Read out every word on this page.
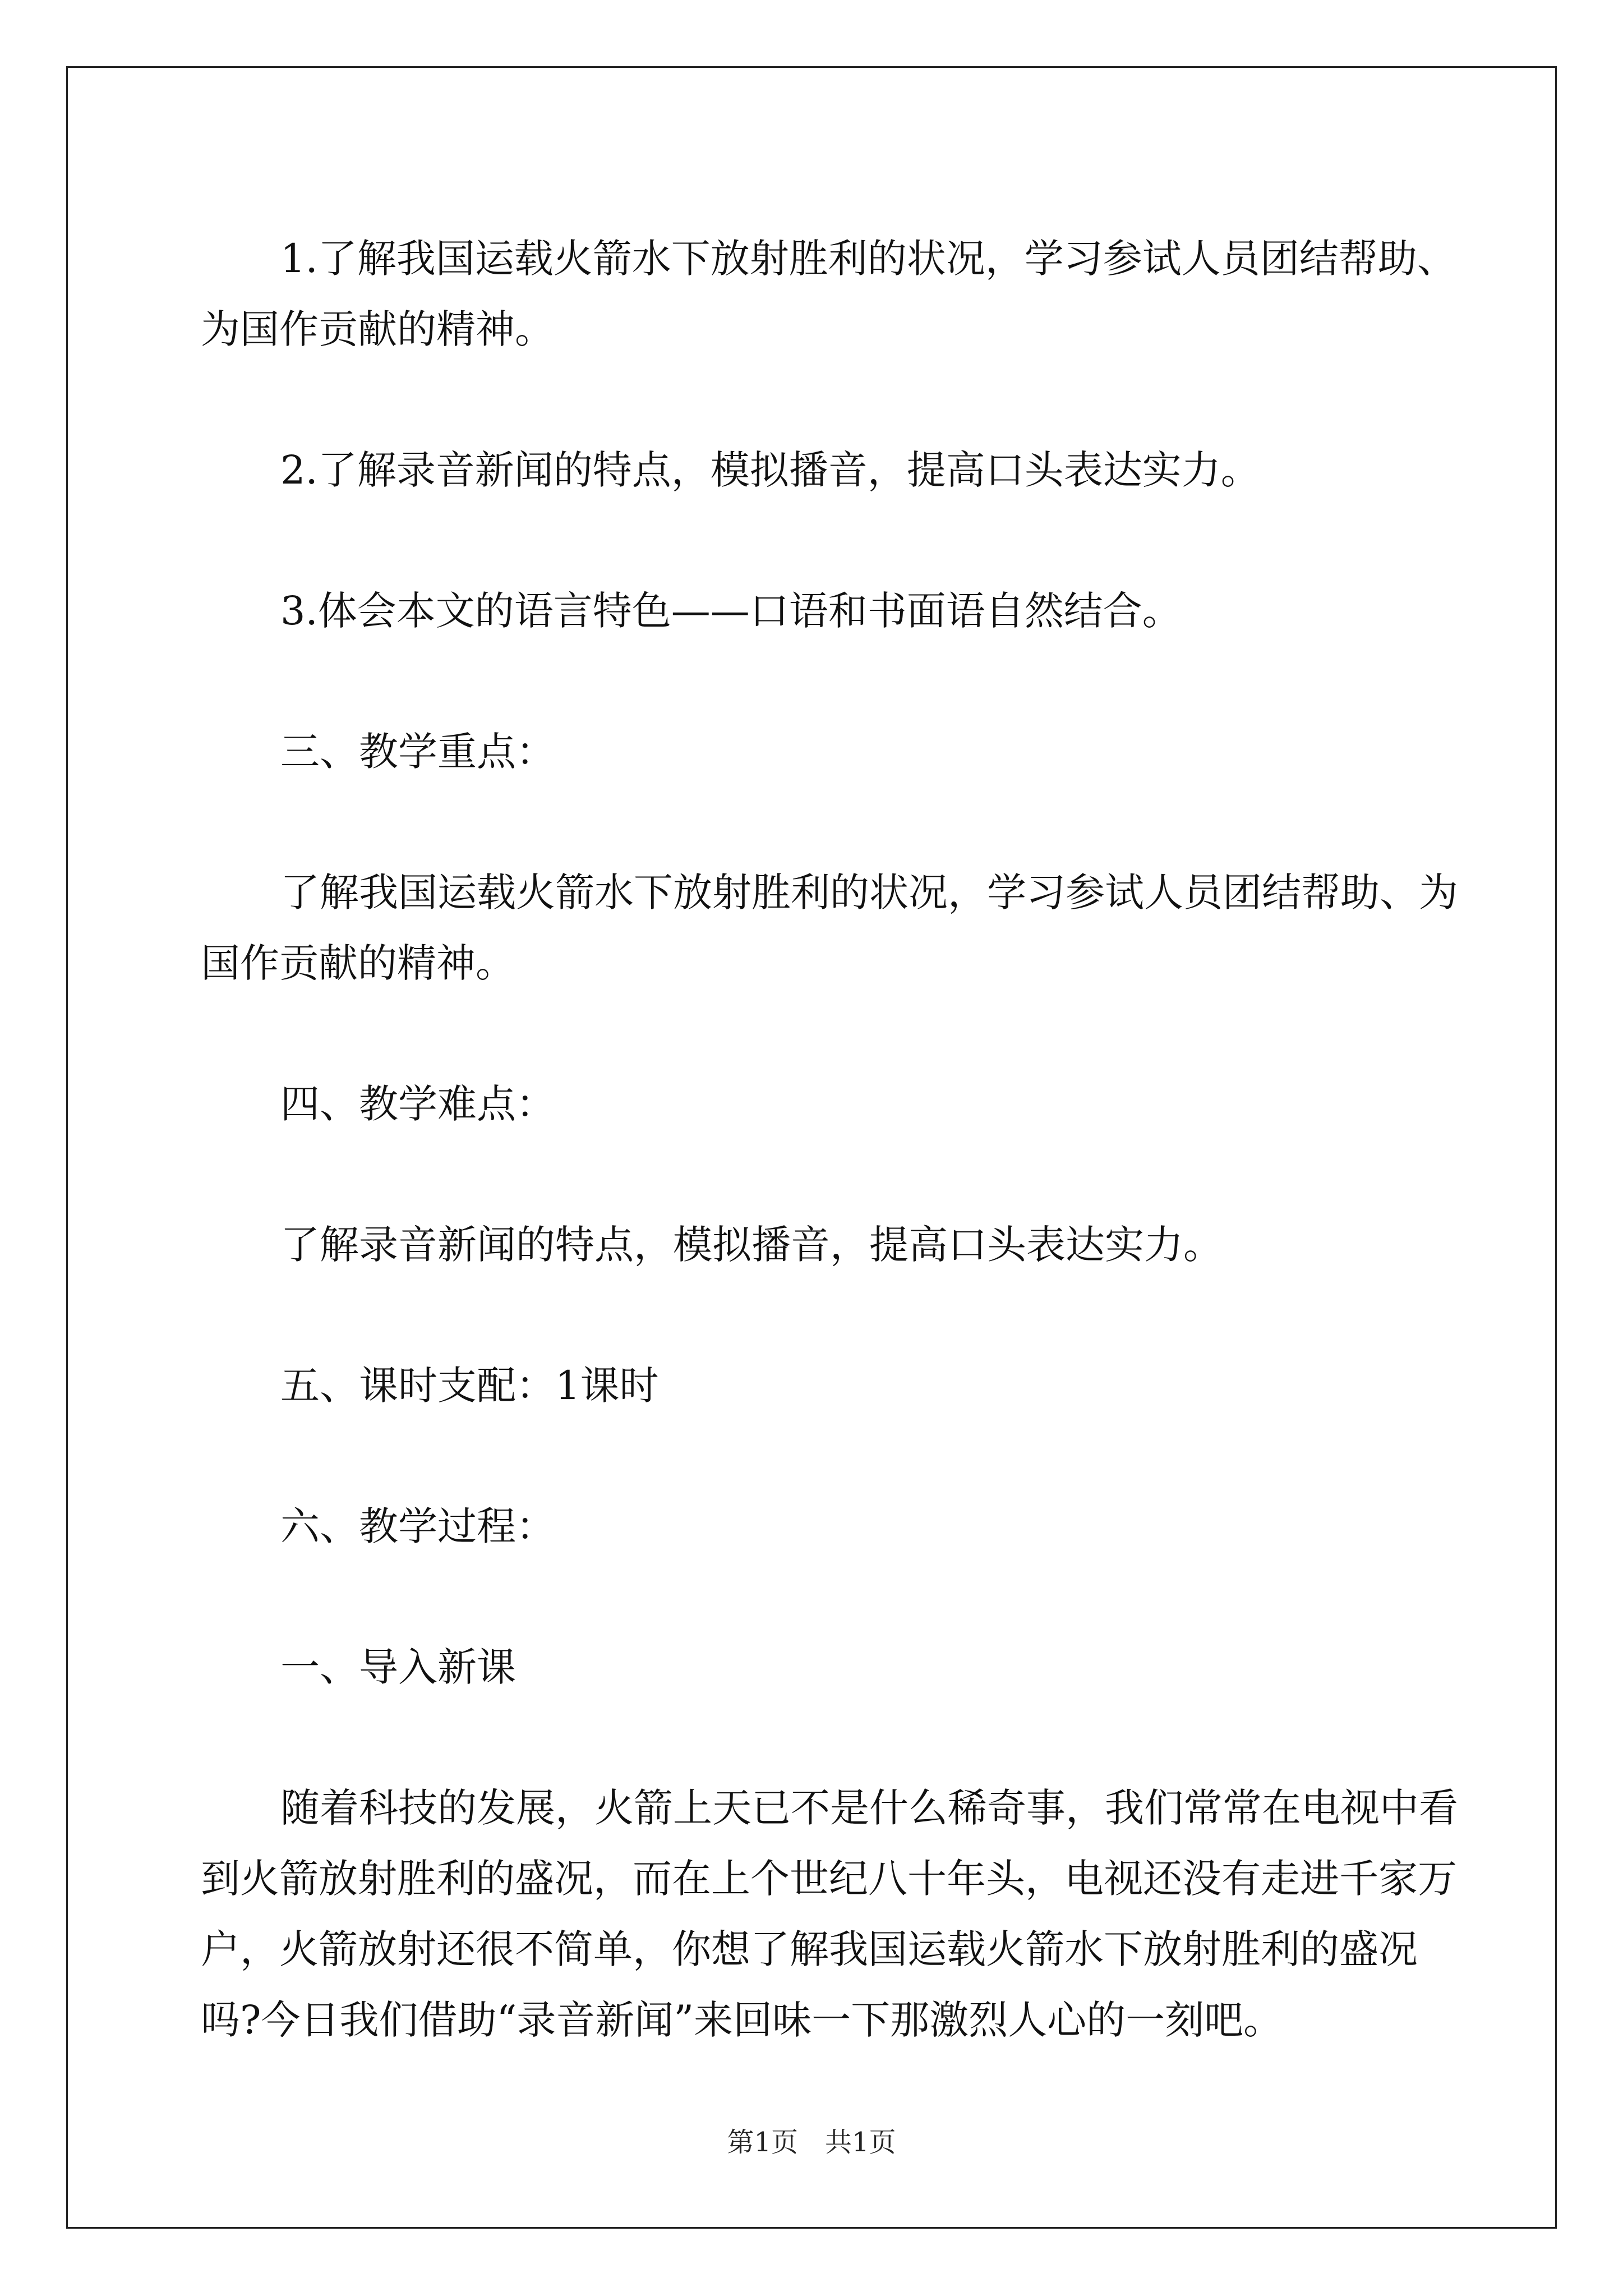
1.了解我国运载火箭水下放射胜利的状况，学习参试人员团结帮助、为国作贡献的精神。

2.了解录音新闻的特点，模拟播音，提高口头表达实力。

3.体会本文的语言特色——口语和书面语自然结合。

三、教学重点：

了解我国运载火箭水下放射胜利的状况，学习参试人员团结帮助、为国作贡献的精神。

四、教学难点：

了解录音新闻的特点，模拟播音，提高口头表达实力。

五、课时支配：1课时

六、教学过程：

一、导入新课

随着科技的发展，火箭上天已不是什么稀奇事，我们常常在电视中看到火箭放射胜利的盛况，而在上个世纪八十年头，电视还没有走进千家万户，火箭放射还很不简单，你想了解我国运载火箭水下放射胜利的盛况吗?今日我们借助“录音新闻”来回味一下那激烈人心的一刻吧。

第1页　共1页
